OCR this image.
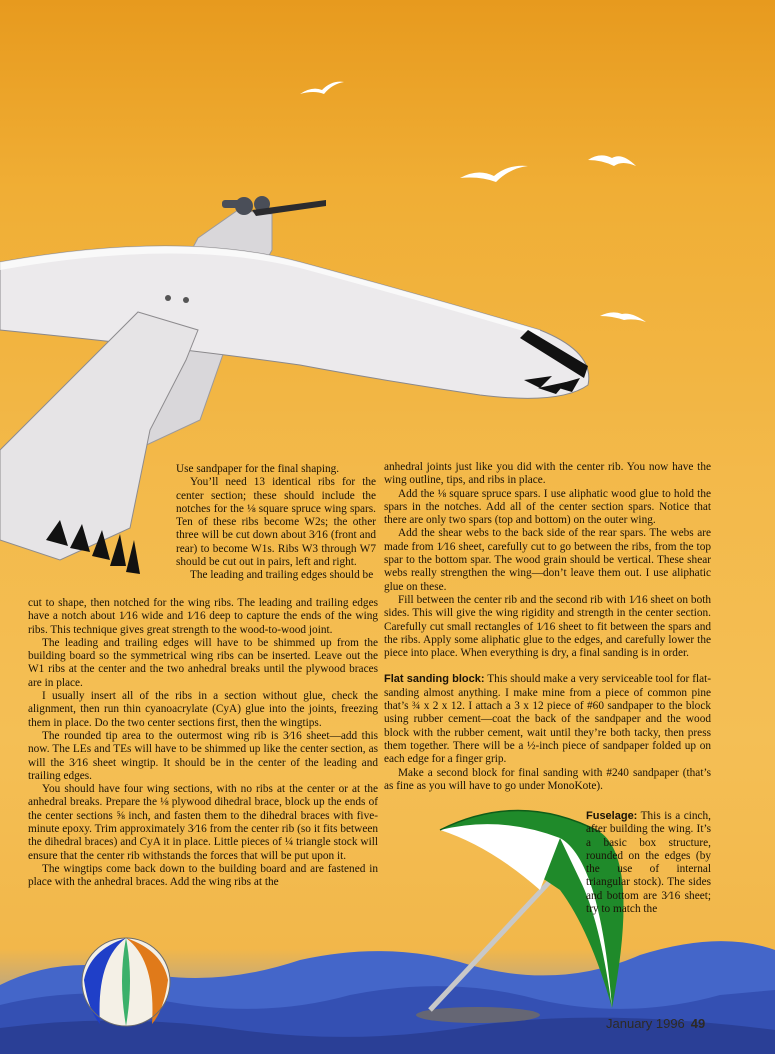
Use sandpaper for the final shaping.

You’ll need 13 identical ribs for the center section; these should include the notches for the ⅛ square spruce wing spars. Ten of these ribs become W2s; the other three will be cut down about 3⁄16 (front and rear) to become W1s. Ribs W3 through W7 should be cut out in pairs, left and right.

The leading and trailing edges should be

cut to shape, then notched for the wing ribs. The leading and trailing edges have a notch about 1⁄16 wide and 1⁄16 deep to capture the ends of the wing ribs. This technique gives great strength to the wood-to-wood joint.

The leading and trailing edges will have to be shimmed up from the building board so the symmetrical wing ribs can be inserted. Leave out the W1 ribs at the center and the two anhedral breaks until the plywood braces are in place.

I usually insert all of the ribs in a section without glue, check the alignment, then run thin cyanoacrylate (CyA) glue into the joints, freezing them in place. Do the two center sections first, then the wingtips.

The rounded tip area to the outermost wing rib is 3⁄16 sheet—add this now. The LEs and TEs will have to be shimmed up like the center section, as will the 3⁄16 sheet wingtip. It should be in the center of the leading and trailing edges.

You should have four wing sections, with no ribs at the center or at the anhedral breaks. Prepare the ⅛ plywood dihedral brace, block up the ends of the center sections ⅝ inch, and fasten them to the dihedral braces with five-minute epoxy. Trim approximately 3⁄16 from the center rib (so it fits between the dihedral braces) and CyA it in place. Little pieces of ¼ triangle stock will ensure that the center rib withstands the forces that will be put upon it.

The wingtips come back down to the building board and are fastened in place with the anhedral braces. Add the wing ribs at the

anhedral joints just like you did with the center rib. You now have the wing outline, tips, and ribs in place.

Add the ⅛ square spruce spars. I use aliphatic wood glue to hold the spars in the notches. Add all of the center section spars. Notice that there are only two spars (top and bottom) on the outer wing.

Add the shear webs to the back side of the rear spars. The webs are made from 1⁄16 sheet, carefully cut to go between the ribs, from the top spar to the bottom spar. The wood grain should be vertical. These shear webs really strengthen the wing—don’t leave them out. I use aliphatic glue on these.

Fill between the center rib and the second rib with 1⁄16 sheet on both sides. This will give the wing rigidity and strength in the center section. Carefully cut small rectangles of 1⁄16 sheet to fit between the spars and the ribs. Apply some aliphatic glue to the edges, and carefully lower the piece into place. When everything is dry, a final sanding is in order.

Flat sanding block: This should make a very serviceable tool for flat-sanding almost anything. I make mine from a piece of common pine that’s ¾ x 2 x 12. I attach a 3 x 12 piece of #60 sandpaper to the block using rubber cement—coat the back of the sandpaper and the wood block with the rubber cement, wait until they’re both tacky, then press them together. There will be a ½-inch piece of sandpaper folded up on each edge for a finger grip.

Make a second block for final sanding with #240 sandpaper (that’s as fine as you will have to go under MonoKote).

Fuselage: This is a cinch, after building the wing. It’s a basic box structure, rounded on the edges (by the use of internal triangular stock). The sides and bottom are 3⁄16 sheet; try to match the

January 1996 49
